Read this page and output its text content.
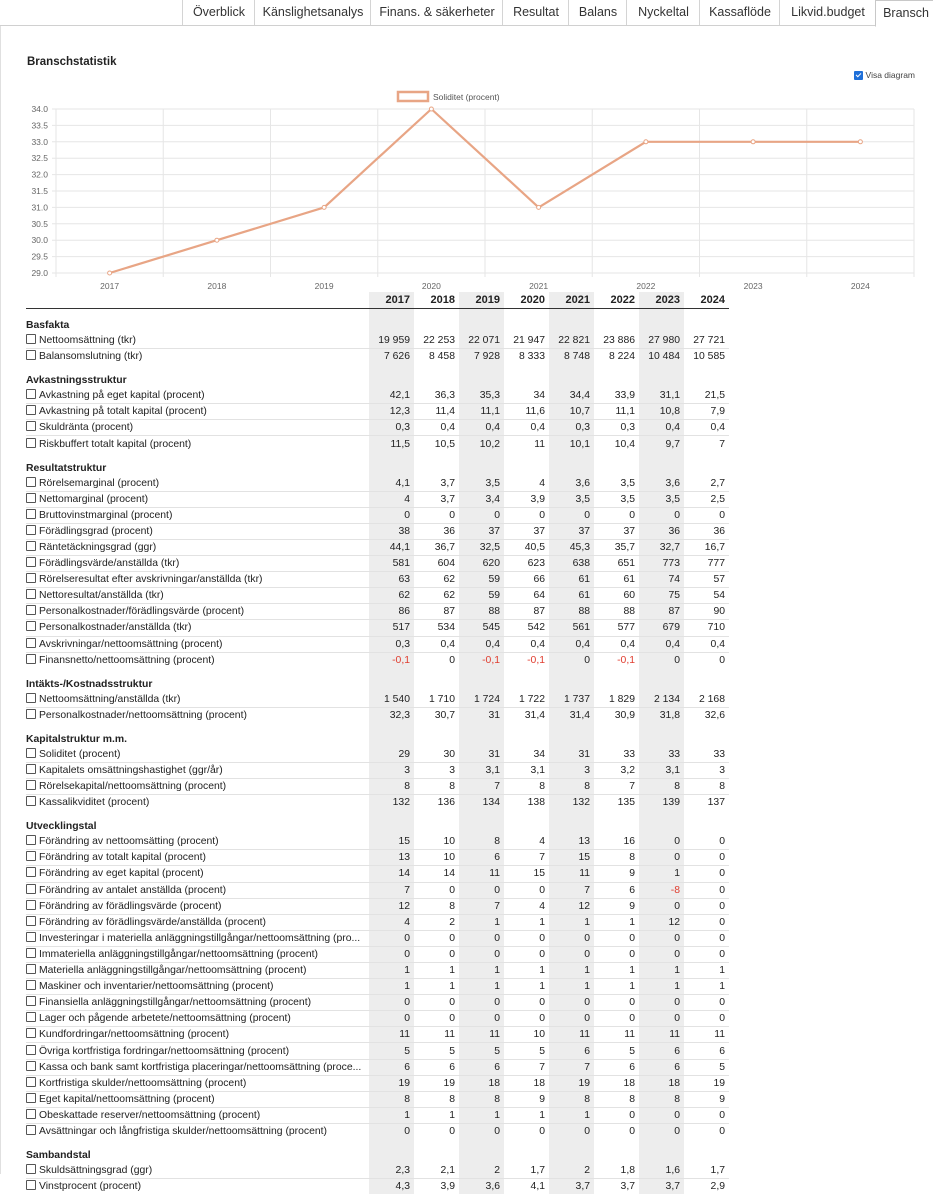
Överblick	Känslighetsanalys	Finans. & säkerheter	Resultat	Balans	Nyckeltal	Kassaflöde	Likvid.budget	Bransch
Branschstatistik
Visa diagram
29.0
29.5
30.0
30.5
31.0
31.5
32.0
32.5
33.0
33.5
34.0
2017	2018	2019	2020	2021	2022	2023	2024
Soliditet (procent)
	2017	2018	2019	2020	2021	2022	2023	2024
Basfakta								
Nettoomsättning (tkr)	19 959	22 253	22 071	21 947	22 821	23 886	27 980	27 721
Balansomslutning (tkr)	7 626	8 458	7 928	8 333	8 748	8 224	10 484	10 585
Avkastningsstruktur								
Avkastning på eget kapital (procent)	42,1	36,3	35,3	34	34,4	33,9	31,1	21,5
Avkastning på totalt kapital (procent)	12,3	11,4	11,1	11,6	10,7	11,1	10,8	7,9
Skuldränta (procent)	0,3	0,4	0,4	0,4	0,3	0,3	0,4	0,4
Riskbuffert totalt kapital (procent)	11,5	10,5	10,2	11	10,1	10,4	9,7	7
Resultatstruktur								
Rörelsemarginal (procent)	4,1	3,7	3,5	4	3,6	3,5	3,6	2,7
Nettomarginal (procent)	4	3,7	3,4	3,9	3,5	3,5	3,5	2,5
Bruttovinstmarginal (procent)	0	0	0	0	0	0	0	0
Förädlingsgrad (procent)	38	36	37	37	37	37	36	36
Räntetäckningsgrad (ggr)	44,1	36,7	32,5	40,5	45,3	35,7	32,7	16,7
Förädlingsvärde/anställda (tkr)	581	604	620	623	638	651	773	777
Rörelseresultat efter avskrivningar/anställda (tkr)	63	62	59	66	61	61	74	57
Nettoresultat/anställda (tkr)	62	62	59	64	61	60	75	54
Personalkostnader/förädlingsvärde (procent)	86	87	88	87	88	88	87	90
Personalkostnader/anställda (tkr)	517	534	545	542	561	577	679	710
Avskrivningar/nettoomsättning (procent)	0,3	0,4	0,4	0,4	0,4	0,4	0,4	0,4
Finansnetto/nettoomsättning (procent)	-0,1	0	-0,1	-0,1	0	-0,1	0	0
Intäkts-/Kostnadsstruktur								
Nettoomsättning/anställda (tkr)	1 540	1 710	1 724	1 722	1 737	1 829	2 134	2 168
Personalkostnader/nettoomsättning (procent)	32,3	30,7	31	31,4	31,4	30,9	31,8	32,6
Kapitalstruktur m.m.								
Soliditet (procent)	29	30	31	34	31	33	33	33
Kapitalets omsättningshastighet (ggr/år)	3	3	3,1	3,1	3	3,2	3,1	3
Rörelsekapital/nettoomsättning (procent)	8	8	7	8	8	7	8	8
Kassalikviditet (procent)	132	136	134	138	132	135	139	137
Utvecklingstal								
Förändring av nettoomsätting (procent)	15	10	8	4	13	16	0	0
Förändring av totalt kapital (procent)	13	10	6	7	15	8	0	0
Förändring av eget kapital (procent)	14	14	11	15	11	9	1	0
Förändring av antalet anställda (procent)	7	0	0	0	7	6	-8	0
Förändring av förädlingsvärde (procent)	12	8	7	4	12	9	0	0
Förändring av förädlingsvärde/anställda (procent)	4	2	1	1	1	1	12	0
Investeringar i materiella anläggningstillgångar/nettoomsättning (pro...	0	0	0	0	0	0	0	0
Immateriella anläggningstillgångar/nettoomsättning (procent)	0	0	0	0	0	0	0	0
Materiella anläggningstillgångar/nettoomsättning (procent)	1	1	1	1	1	1	1	1
Maskiner och inventarier/nettoomsättning (procent)	1	1	1	1	1	1	1	1
Finansiella anläggningstillgångar/nettoomsättning (procent)	0	0	0	0	0	0	0	0
Lager och pågende arbetete/nettoomsättning (procent)	0	0	0	0	0	0	0	0
Kundfordringar/nettoomsättning (procent)	11	11	11	10	11	11	11	11
Övriga kortfristiga fordringar/nettoomsättning (procent)	5	5	5	5	6	5	6	6
Kassa och bank samt kortfristiga placeringar/nettoomsättning (proce...	6	6	6	7	7	6	6	5
Kortfristiga skulder/nettoomsättning (procent)	19	19	18	18	19	18	18	19
Eget kapital/nettoomsättning (procent)	8	8	8	9	8	8	8	9
Obeskattade reserver/nettoomsättning (procent)	1	1	1	1	1	0	0	0
Avsättningar och långfristiga skulder/nettoomsättning (procent)	0	0	0	0	0	0	0	0
Sambandstal								
Skuldsättningsgrad (ggr)	2,3	2,1	2	1,7	2	1,8	1,6	1,7
Vinstprocent (procent)	4,3	3,9	3,6	4,1	3,7	3,7	3,7	2,9
